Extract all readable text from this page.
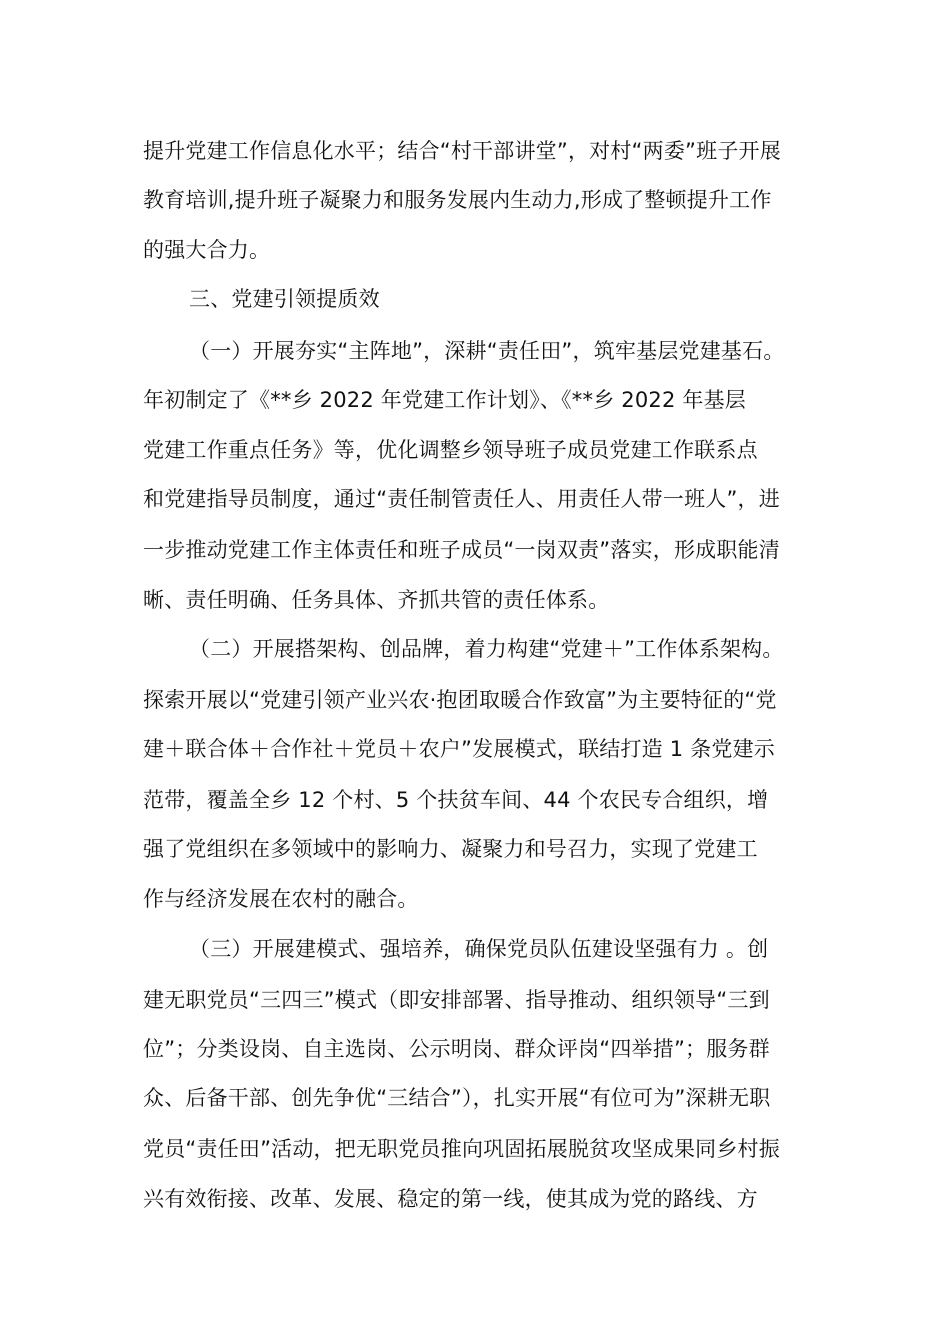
提升党建工作信息化水平；结合“村干部讲堂”，对村“两委”班子开展
教育培训,提升班子凝聚力和服务发展内生动力,形成了整顿提升工作
的强大合力。
三、党建引领提质效
（一）开展夯实“主阵地”，深耕“责任田”，筑牢基层党建基石。
年初制定了《**乡 2022 年党建工作计划》、《**乡 2022 年基层
党建工作重点任务》等，优化调整乡领导班子成员党建工作联系点
和党建指导员制度，通过“责任制管责任人、用责任人带一班人”，进
一步推动党建工作主体责任和班子成员“一岗双责”落实，形成职能清
晰、责任明确、任务具体、齐抓共管的责任体系。
（二）开展搭架构、创品牌，着力构建“党建＋”工作体系架构。
探索开展以“党建引领产业兴农·抱团取暖合作致富”为主要特征的“党
建＋联合体＋合作社＋党员＋农户”发展模式，联结打造 1 条党建示
范带，覆盖全乡 12 个村、5 个扶贫车间、44 个农民专合组织，增
强了党组织在多领域中的影响力、凝聚力和号召力，实现了党建工
作与经济发展在农村的融合。
（三）开展建模式、强培养，确保党员队伍建设坚强有力 。创
建无职党员“三四三”模式（即安排部署、指导推动、组织领导“三到
位”；分类设岗、自主选岗、公示明岗、群众评岗“四举措”；服务群
众、后备干部、创先争优“三结合”），扎实开展“有位可为”深耕无职
党员“责任田”活动，把无职党员推向巩固拓展脱贫攻坚成果同乡村振
兴有效衔接、改革、发展、稳定的第一线，使其成为党的路线、方
